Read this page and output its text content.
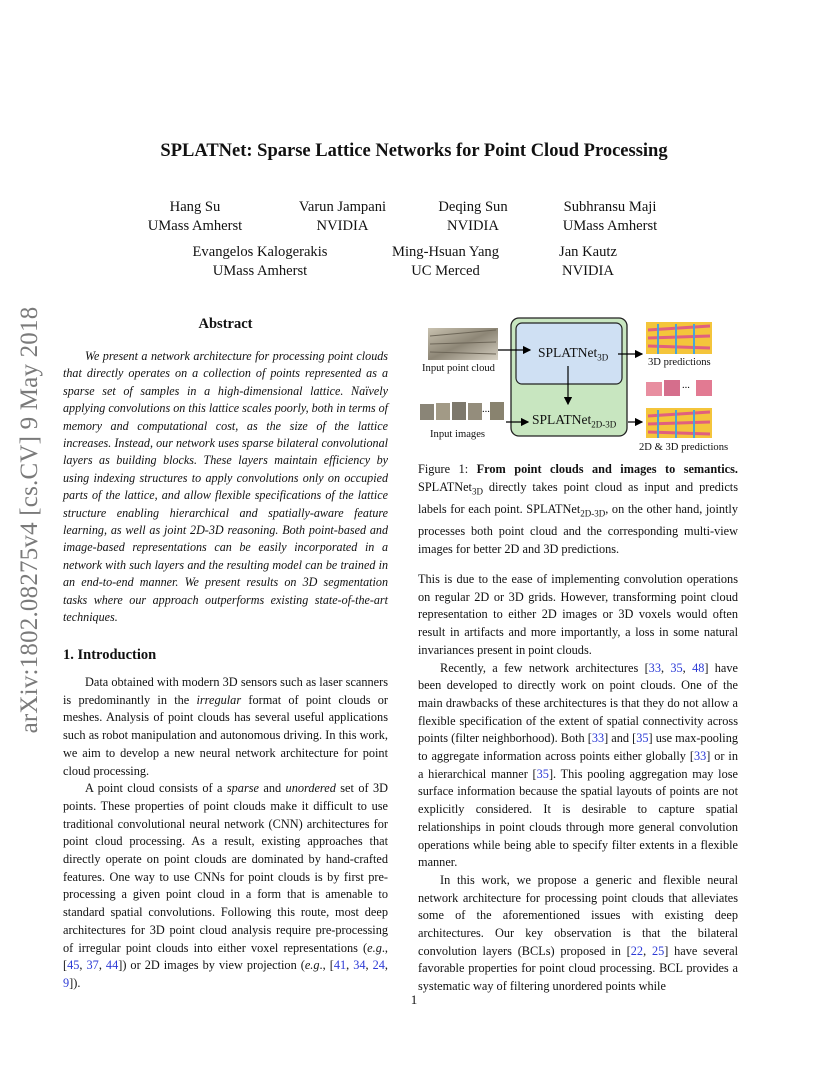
arXiv:1802.08275v4 [cs.CV] 9 May 2018
SPLATNet: Sparse Lattice Networks for Point Cloud Processing
Hang Su
UMass Amherst
Varun Jampani
NVIDIA
Deqing Sun
NVIDIA
Subhransu Maji
UMass Amherst
Evangelos Kalogerakis
UMass Amherst
Ming-Hsuan Yang
UC Merced
Jan Kautz
NVIDIA
Abstract

We present a network architecture for processing point clouds that directly operates on a collection of points represented as a sparse set of samples in a high-dimensional lattice. Naïvely applying convolutions on this lattice scales poorly, both in terms of memory and computational cost, as the size of the lattice increases. Instead, our network uses sparse bilateral convolutional layers as building blocks. These layers maintain efficiency by using indexing structures to apply convolutions only on occupied parts of the lattice, and allow flexible specifications of the lattice structure enabling hierarchical and spatially-aware feature learning, as well as joint 2D-3D reasoning. Both point-based and image-based representations can be easily incorporated in a network with such layers and the resulting model can be trained in an end-to-end manner. We present results on 3D segmentation tasks where our approach outperforms existing state-of-the-art techniques.

1. Introduction

Data obtained with modern 3D sensors such as laser scanners is predominantly in the irregular format of point clouds or meshes. Analysis of point clouds has several useful applications such as robot manipulation and autonomous driving. In this work, we aim to develop a new neural network architecture for point cloud processing.

A point cloud consists of a sparse and unordered set of 3D points. These properties of point clouds make it difficult to use traditional convolutional neural network (CNN) architectures for point cloud processing. As a result, existing approaches that directly operate on point clouds are dominated by hand-crafted features. One way to use CNNs for point clouds is by first pre-processing a given point cloud in a form that is amenable to standard spatial convolutions. Following this route, most deep architectures for 3D point cloud analysis require pre-processing of irregular point clouds into either voxel representations (e.g., [45, 37, 44]) or 2D images by view projection (e.g., [41, 34, 24, 9]).

SPLATNet$_{3D}$
SPLATNet$_{2D-3D}$
Input point cloud
Input images
3D predictions
2D & 3D predictions
...
...
Figure 1: From point clouds and images to semantics. SPLATNet$_{3D}$ directly takes point cloud as input and predicts labels for each point. SPLATNet$_{2D-3D}$, on the other hand, jointly processes both point cloud and the corresponding multi-view images for better 2D and 3D predictions.

This is due to the ease of implementing convolution operations on regular 2D or 3D grids. However, transforming point cloud representation to either 2D images or 3D voxels would often result in artifacts and more importantly, a loss in some natural invariances present in point clouds.

Recently, a few network architectures [33, 35, 48] have been developed to directly work on point clouds. One of the main drawbacks of these architectures is that they do not allow a flexible specification of the extent of spatial connectivity across points (filter neighborhood). Both [33] and [35] use max-pooling to aggregate information across points either globally [33] or in a hierarchical manner [35]. This pooling aggregation may lose surface information because the spatial layouts of points are not explicitly considered. It is desirable to capture spatial relationships in point clouds through more general convolution operations while being able to specify filter extents in a flexible manner.

In this work, we propose a generic and flexible neural network architecture for processing point clouds that alleviates some of the aforementioned issues with existing deep architectures. Our key observation is that the bilateral convolution layers (BCLs) proposed in [22, 25] have several favorable properties for point cloud processing. BCL provides a systematic way of filtering unordered points while

1
